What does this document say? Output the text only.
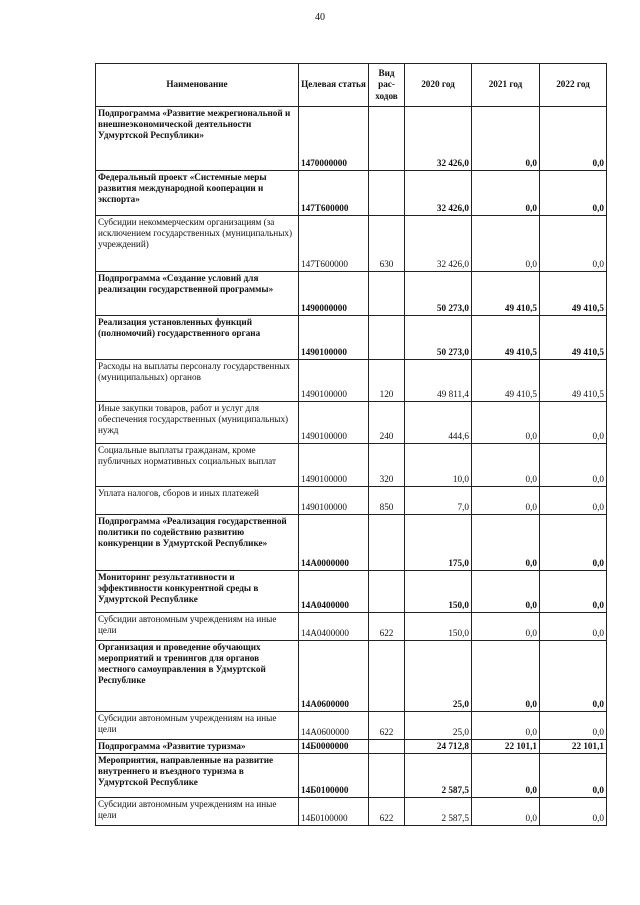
40
Наименование	Целевая статья	Вид рас-ходов	2020 год	2021 год	2022 год
Подпрограмма «Развитие межрегиональной и внешнеэкономической деятельности Удмуртской Республики»	1470000000		32 426,0	0,0	0,0
Федеральный проект «Системные меры развития международной кооперации и экспорта»	147Т600000		32 426,0	0,0	0,0
Субсидии некоммерческим организациям (за исключением государственных (муниципальных) учреждений)	147Т600000	630	32 426,0	0,0	0,0
Подпрограмма «Создание условий для реализации государственной программы»	1490000000		50 273,0	49 410,5	49 410,5
Реализация установленных функций (полномочий) государственного органа	1490100000		50 273,0	49 410,5	49 410,5
Расходы на выплаты персоналу государственных (муниципальных) органов	1490100000	120	49 811,4	49 410,5	49 410,5
Иные закупки товаров, работ и услуг для обеспечения государственных (муниципальных) нужд	1490100000	240	444,6	0,0	0,0
Социальные выплаты гражданам, кроме публичных нормативных социальных выплат	1490100000	320	10,0	0,0	0,0
Уплата налогов, сборов и иных платежей	1490100000	850	7,0	0,0	0,0
Подпрограмма «Реализация государственной политики по содействию развитию конкуренции в Удмуртской Республике»	14А0000000		175,0	0,0	0,0
Мониторинг результативности и эффективности конкурентной среды в Удмуртской Республике	14А0400000		150,0	0,0	0,0
Субсидии автономным учреждениям на иные цели	14А0400000	622	150,0	0,0	0,0
Организация и проведение обучающих мероприятий и тренингов для органов местного самоуправления в Удмуртской Республике	14А0600000		25,0	0,0	0,0
Субсидии автономным учреждениям на иные цели	14А0600000	622	25,0	0,0	0,0
Подпрограмма «Развитие туризма»	14Б0000000		24 712,8	22 101,1	22 101,1
Мероприятия, направленные на развитие внутреннего и въездного туризма в Удмуртской Республике	14Б0100000		2 587,5	0,0	0,0
Субсидии автономным учреждениям на иные цели	14Б0100000	622	2 587,5	0,0	0,0
